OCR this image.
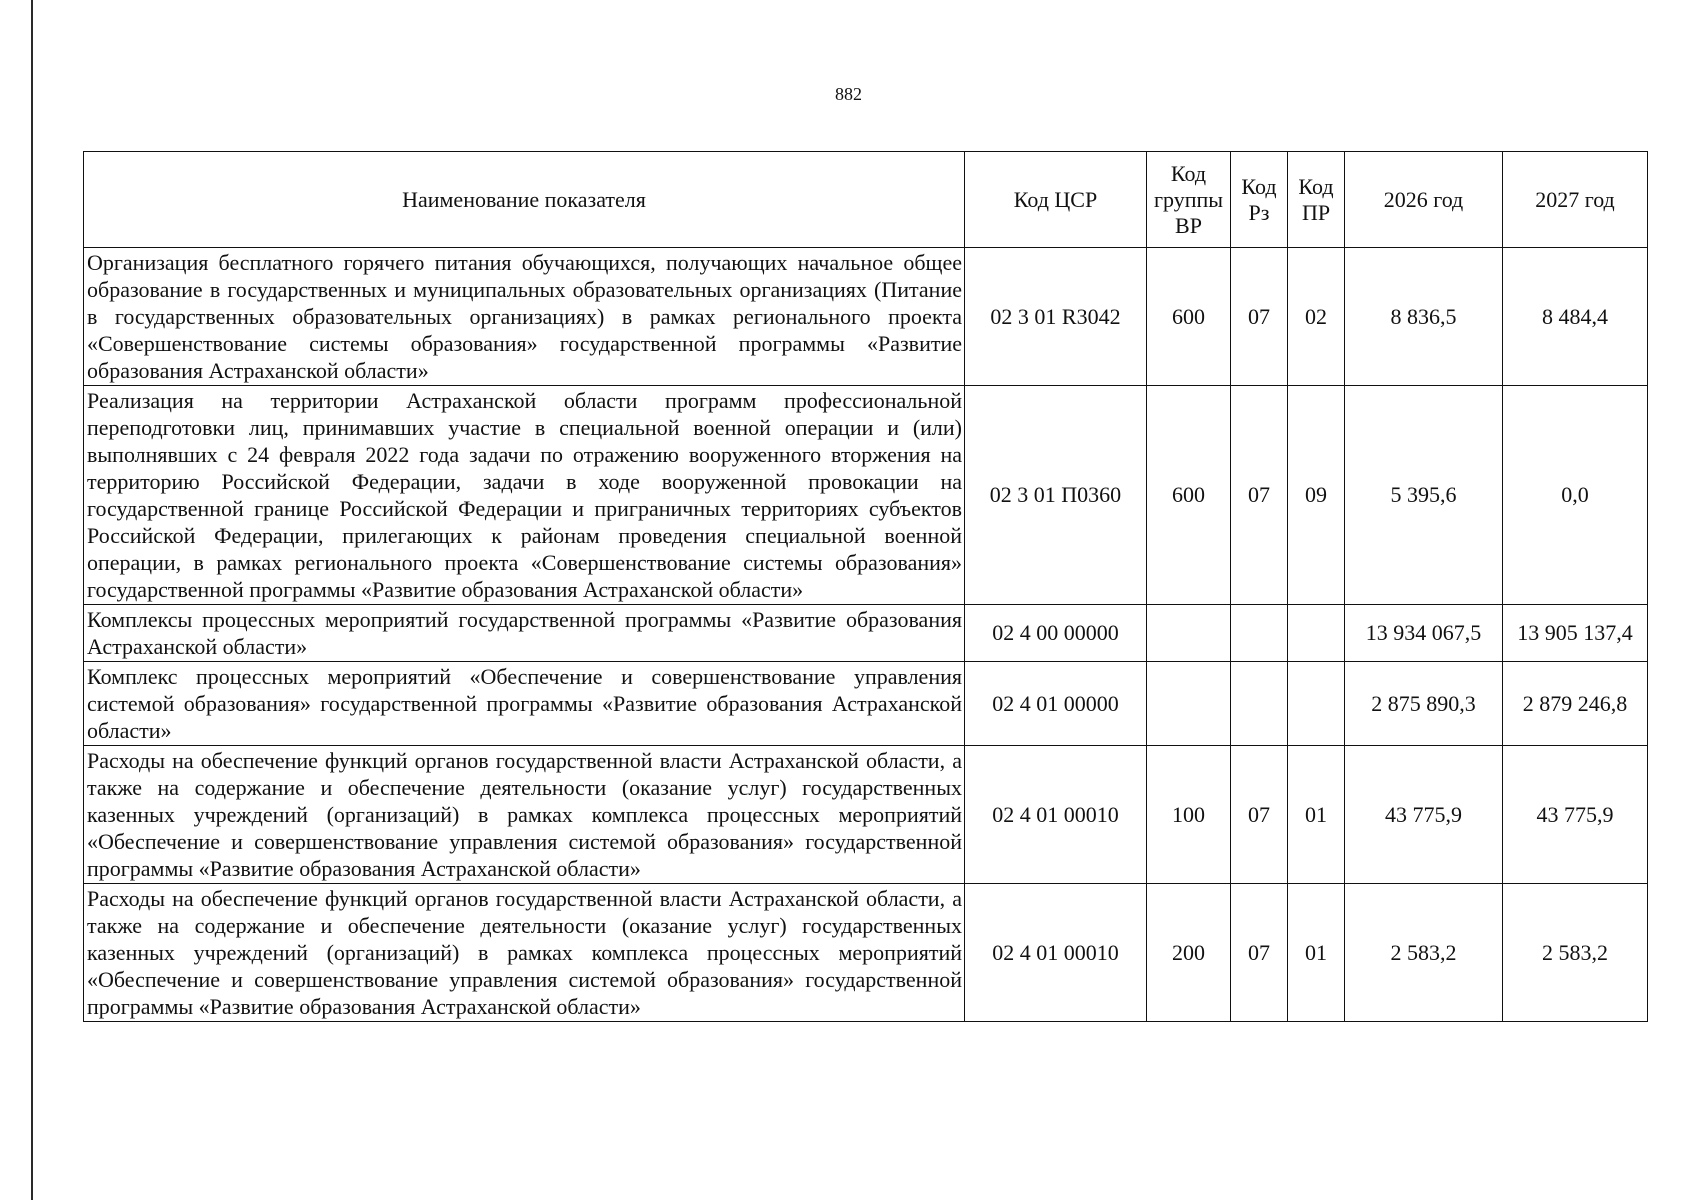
882
Наименование показателя	Код ЦСР	Код группы ВР	Код Рз	Код ПР	2026 год	2027 год
Организация бесплатного горячего питания обучающихся, получающих начальное общее образование в государственных и муниципальных образовательных организациях (Питание в государственных образовательных организациях) в рамках регионального проекта «Совершенствование системы образования» государственной программы «Развитие образования Астраханской области»	02 3 01 R3042	600	07	02	8 836,5	8 484,4
Реализация на территории Астраханской области программ профессиональной переподготовки лиц, принимавших участие в специальной военной операции и (или) выполнявших с 24 февраля 2022 года задачи по отражению вооруженного вторжения на территорию Российской Федерации, задачи в ходе вооруженной провокации на государственной границе Российской Федерации и приграничных территориях субъектов Российской Федерации, прилегающих к районам проведения специальной военной операции, в рамках регионального проекта «Совершенствование системы образования» государственной программы «Развитие образования Астраханской области»	02 3 01 П0360	600	07	09	5 395,6	0,0
Комплексы процессных мероприятий государственной программы «Развитие образования Астраханской области»	02 4 00 00000				13 934 067,5	13 905 137,4
Комплекс процессных мероприятий «Обеспечение и совершенствование управления системой образования» государственной программы «Развитие образования Астраханской области»	02 4 01 00000				2 875 890,3	2 879 246,8
Расходы на обеспечение функций органов государственной власти Астраханской области, а также на содержание и обеспечение деятельности (оказание услуг) государственных казенных учреждений (организаций) в рамках комплекса процессных мероприятий «Обеспечение и совершенствование управления системой образования» государственной программы «Развитие образования Астраханской области»	02 4 01 00010	100	07	01	43 775,9	43 775,9
Расходы на обеспечение функций органов государственной власти Астраханской области, а также на содержание и обеспечение деятельности (оказание услуг) государственных казенных учреждений (организаций) в рамках комплекса процессных мероприятий «Обеспечение и совершенствование управления системой образования» государственной программы «Развитие образования Астраханской области»	02 4 01 00010	200	07	01	2 583,2	2 583,2
